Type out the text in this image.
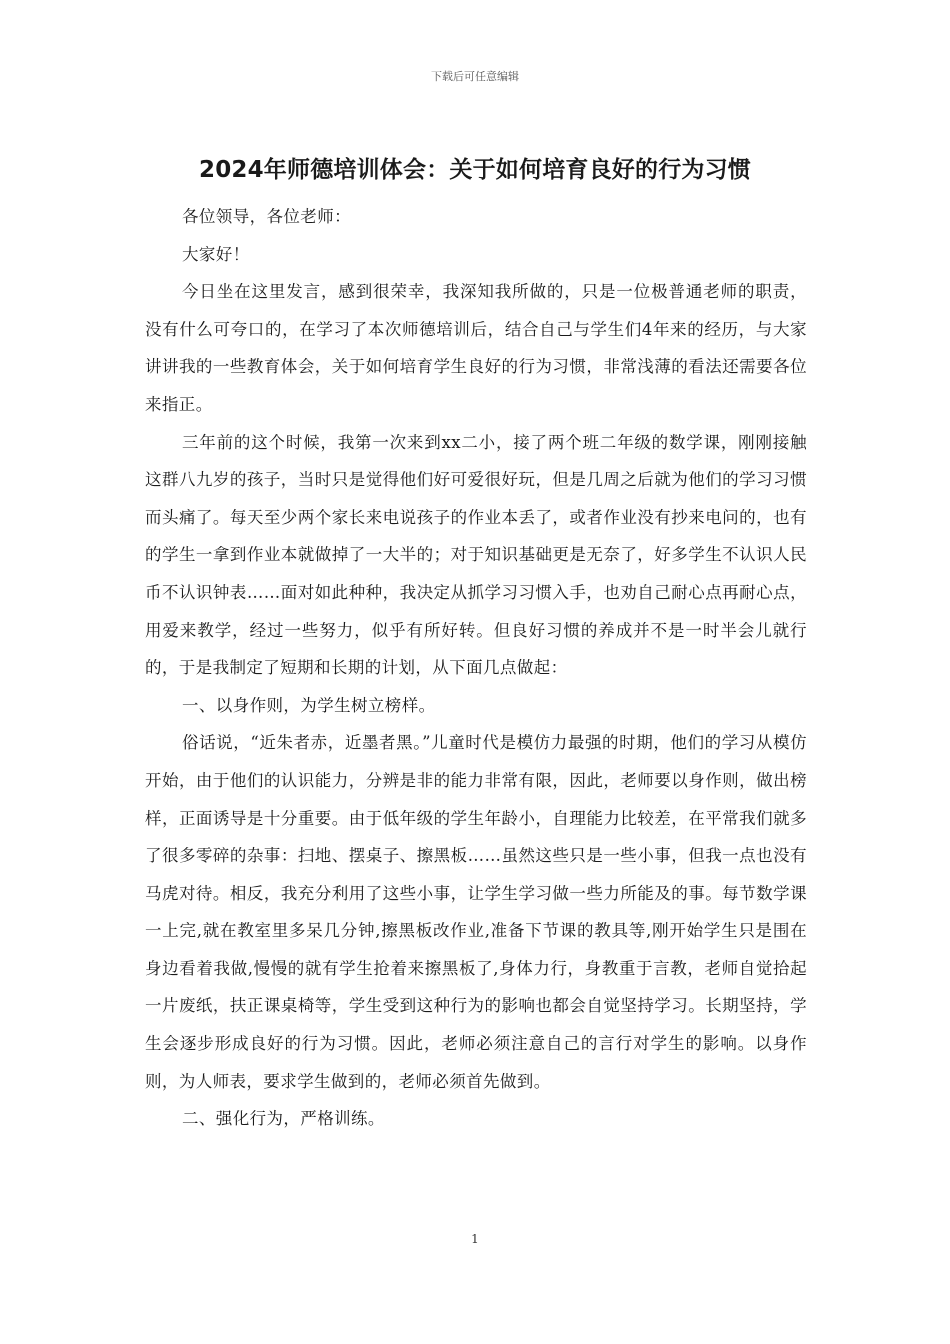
下载后可任意编辑
2024年师德培训体会：关于如何培育良好的行为习惯

各位领导，各位老师：

大家好！

今日坐在这里发言，感到很荣幸，我深知我所做的，只是一位极普通老师的职责，没有什么可夸口的，在学习了本次师德培训后，结合自己与学生们4年来的经历，与大家讲讲我的一些教育体会，关于如何培育学生良好的行为习惯，非常浅薄的看法还需要各位来指正。

三年前的这个时候，我第一次来到xx二小，接了两个班二年级的数学课，刚刚接触这群八九岁的孩子，当时只是觉得他们好可爱很好玩，但是几周之后就为他们的学习习惯而头痛了。每天至少两个家长来电说孩子的作业本丢了，或者作业没有抄来电问的，也有的学生一拿到作业本就做掉了一大半的；对于知识基础更是无奈了，好多学生不认识人民币不认识钟表……面对如此种种，我决定从抓学习习惯入手，也劝自己耐心点再耐心点，用爱来教学，经过一些努力，似乎有所好转。但良好习惯的养成并不是一时半会儿就行的，于是我制定了短期和长期的计划，从下面几点做起：

一、以身作则，为学生树立榜样。

俗话说，“近朱者赤，近墨者黑。”儿童时代是模仿力最强的时期，他们的学习从模仿开始，由于他们的认识能力，分辨是非的能力非常有限，因此，老师要以身作则，做出榜样，正面诱导是十分重要。由于低年级的学生年龄小，自理能力比较差，在平常我们就多了很多零碎的杂事：扫地、摆桌子、擦黑板……虽然这些只是一些小事，但我一点也没有马虎对待。相反，我充分利用了这些小事，让学生学习做一些力所能及的事。每节数学课一上完,就在教室里多呆几分钟,擦黑板改作业,准备下节课的教具等,刚开始学生只是围在身边看着我做,慢慢的就有学生抢着来擦黑板了,身体力行，身教重于言教，老师自觉拾起一片废纸，扶正课桌椅等，学生受到这种行为的影响也都会自觉坚持学习。长期坚持，学生会逐步形成良好的行为习惯。因此，老师必须注意自己的言行对学生的影响。以身作则，为人师表，要求学生做到的，老师必须首先做到。

二、强化行为，严格训练。

1
